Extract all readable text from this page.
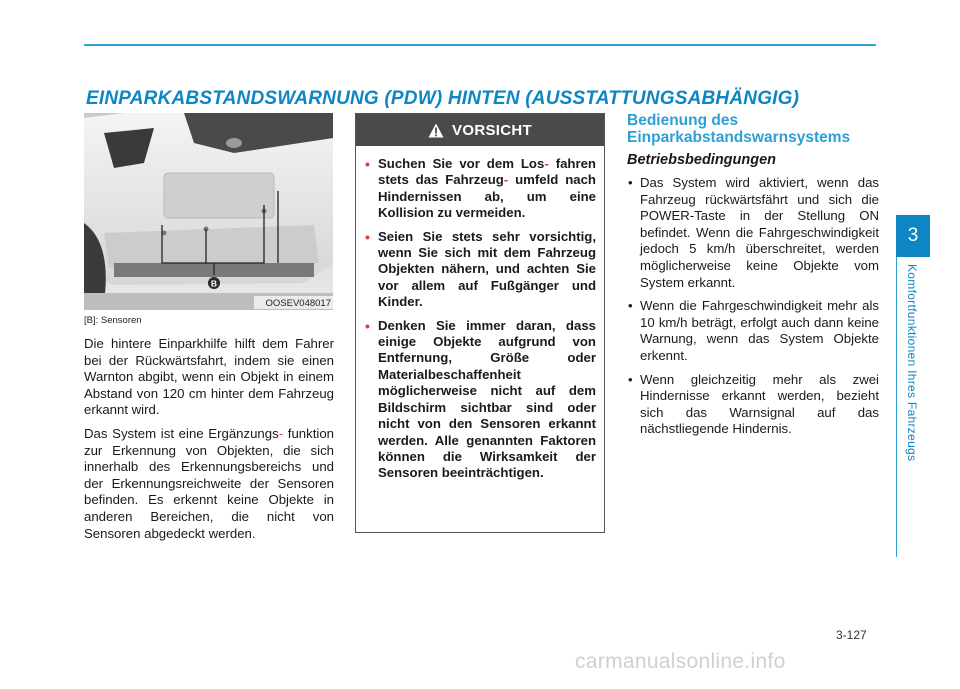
EINPARKABSTANDSWARNUNG (PDW) HINTEN (AUSSTATTUNGSABHÄNGIG)
B
OOSEV048017
[B]: Sensoren

Die hintere Einparkhilfe hilft dem Fahrer bei der Rückwärtsfahrt, indem sie einen Warnton abgibt, wenn ein Objekt in einem Abstand von 120 cm hinter dem Fahrzeug erkannt wird.

Das System ist eine Ergänzungs- funktion zur Erkennung von Objekten, die sich innerhalb des Erkennungsbereichs und der Erkennungsreichweite der Sensoren befinden. Es erkennt keine Objekte in anderen Bereichen, die nicht von Sensoren abgedeckt werden.

VORSICHT
• Suchen Sie vor dem Los- fahren stets das Fahrzeug- umfeld nach Hindernissen ab, um eine Kollision zu vermeiden.
• Seien Sie stets sehr vorsichtig, wenn Sie sich mit dem Fahrzeug Objekten nähern, und achten Sie vor allem auf Fußgänger und Kinder.
• Denken Sie immer daran, dass einige Objekte aufgrund von Entfernung, Größe oder Materialbeschaffenheit möglicherweise nicht auf dem Bildschirm sichtbar sind oder nicht von den Sensoren erkannt werden. Alle genannten Faktoren können die Wirksamkeit der Sensoren beeinträchtigen.
Bedienung des Einparkabstandswarnsystems
Betriebsbedingungen
• Das System wird aktiviert, wenn das Fahrzeug rückwärtsfährt und sich die POWER-Taste in der Stellung ON befindet. Wenn die Fahrgeschwindigkeit jedoch 5 km/h überschreitet, werden möglicherweise keine Objekte vom System erkannt.
• Wenn die Fahrgeschwindigkeit mehr als 10 km/h beträgt, erfolgt auch dann keine Warnung, wenn das System Objekte erkennt.
• Wenn gleichzeitig mehr als zwei Hindernisse erkannt werden, bezieht sich das Warnsignal auf das nächstliegende Hindernis.
3
Komfortfunktionen Ihres Fahrzeugs
3-127
carmanualsonline.info
